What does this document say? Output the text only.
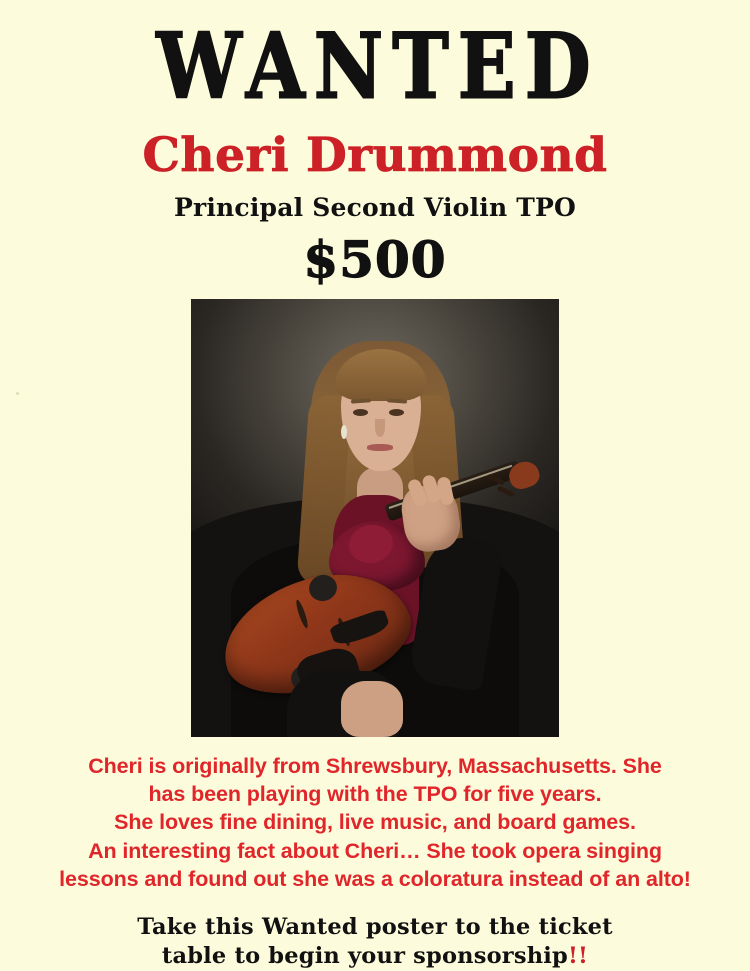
WANTED
Cheri Drummond
Principal Second Violin TPO
$500
Cheri is originally from Shrewsbury, Massachusetts. She
has been playing with the TPO for five years.
She loves fine dining, live music, and board games.
An interesting fact about Cheri… She took opera singing
lessons and found out she was a coloratura instead of an alto!
Take this Wanted poster to the ticket
table to begin your sponsorship!!
